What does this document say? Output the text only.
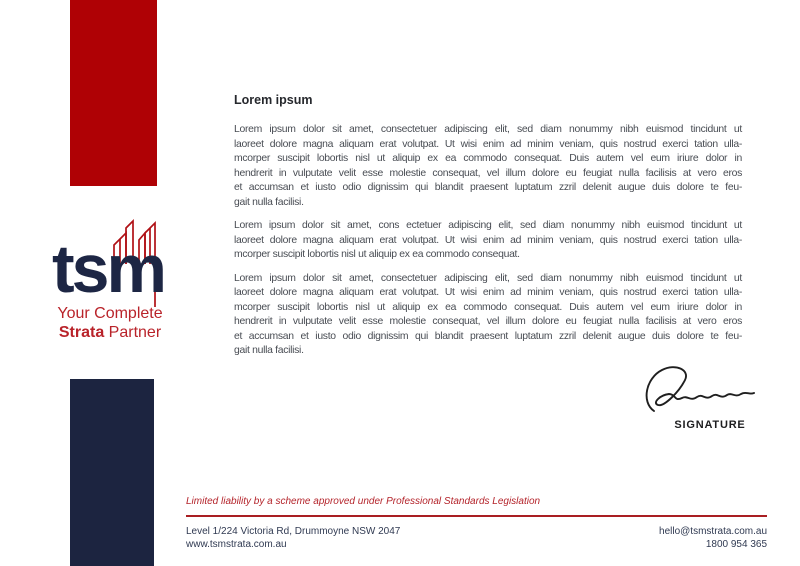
tsm
Your Complete
Strata Partner
Lorem ipsum
Lorem ipsum dolor sit amet, consectetuer adipiscing elit, sed diam nonummy nibh euismod tincidunt ut
laoreet dolore magna aliquam erat volutpat. Ut wisi enim ad minim veniam, quis nostrud exerci tation ulla-
mcorper suscipit lobortis nisl ut aliquip ex ea commodo consequat. Duis autem vel eum iriure dolor in
hendrerit in vulputate velit esse molestie consequat, vel illum dolore eu feugiat nulla facilisis at vero eros
et accumsan et iusto odio dignissim qui blandit praesent luptatum zzril delenit augue duis dolore te feu-
gait nulla facilisi.
Lorem ipsum dolor sit amet, cons ectetuer adipiscing elit, sed diam nonummy nibh euismod tincidunt ut
laoreet dolore magna aliquam erat volutpat. Ut wisi enim ad minim veniam, quis nostrud exerci tation ulla-
mcorper suscipit lobortis nisl ut aliquip ex ea commodo consequat.
Lorem ipsum dolor sit amet, consectetuer adipiscing elit, sed diam nonummy nibh euismod tincidunt ut
laoreet dolore magna aliquam erat volutpat. Ut wisi enim ad minim veniam, quis nostrud exerci tation ulla-
mcorper suscipit lobortis nisl ut aliquip ex ea commodo consequat. Duis autem vel eum iriure dolor in
hendrerit in vulputate velit esse molestie consequat, vel illum dolore eu feugiat nulla facilisis at vero eros
et accumsan et iusto odio dignissim qui blandit praesent luptatum zzril delenit augue duis dolore te feu-
gait nulla facilisi.
SIGNATURE
Limited liability by a scheme approved under Professional Standards Legislation
Level 1/224 Victoria Rd, Drummoyne NSW 2047
www.tsmstrata.com.au
hello@tsmstrata.com.au
1800 954 365
